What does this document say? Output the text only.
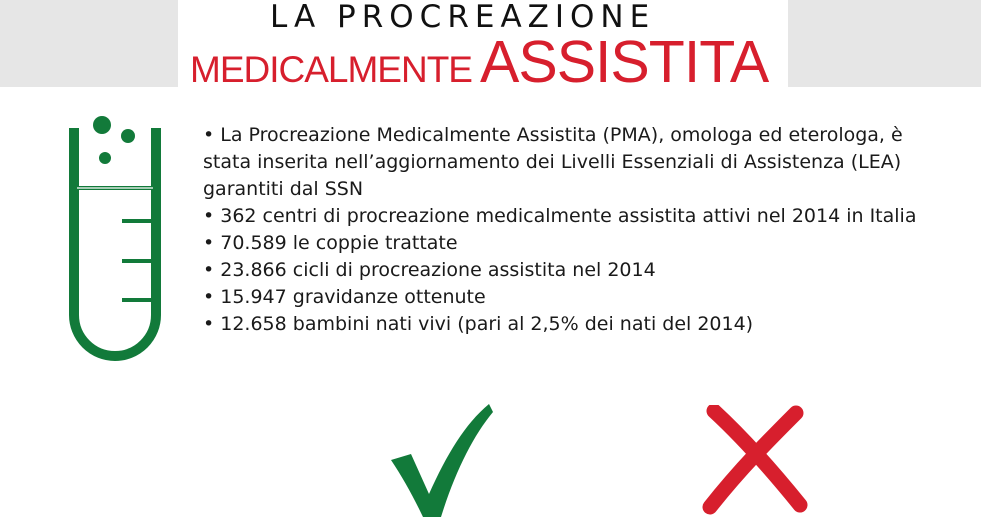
LA PROCREAZIONE
MEDICALMENTE ASSISTITA
• La Procreazione Medicalmente Assistita (PMA), omologa ed eterologa, è stata inserita nell’aggiornamento dei Livelli Essenziali di Assistenza (LEA) garantiti dal SSN
• 362 centri di procreazione medicalmente assistita attivi nel 2014 in Italia
• 70.589 le coppie trattate
• 23.866 cicli di procreazione assistita nel 2014
• 15.947 gravidanze ottenute
• 12.658 bambini nati vivi (pari al 2,5% dei nati del 2014)
